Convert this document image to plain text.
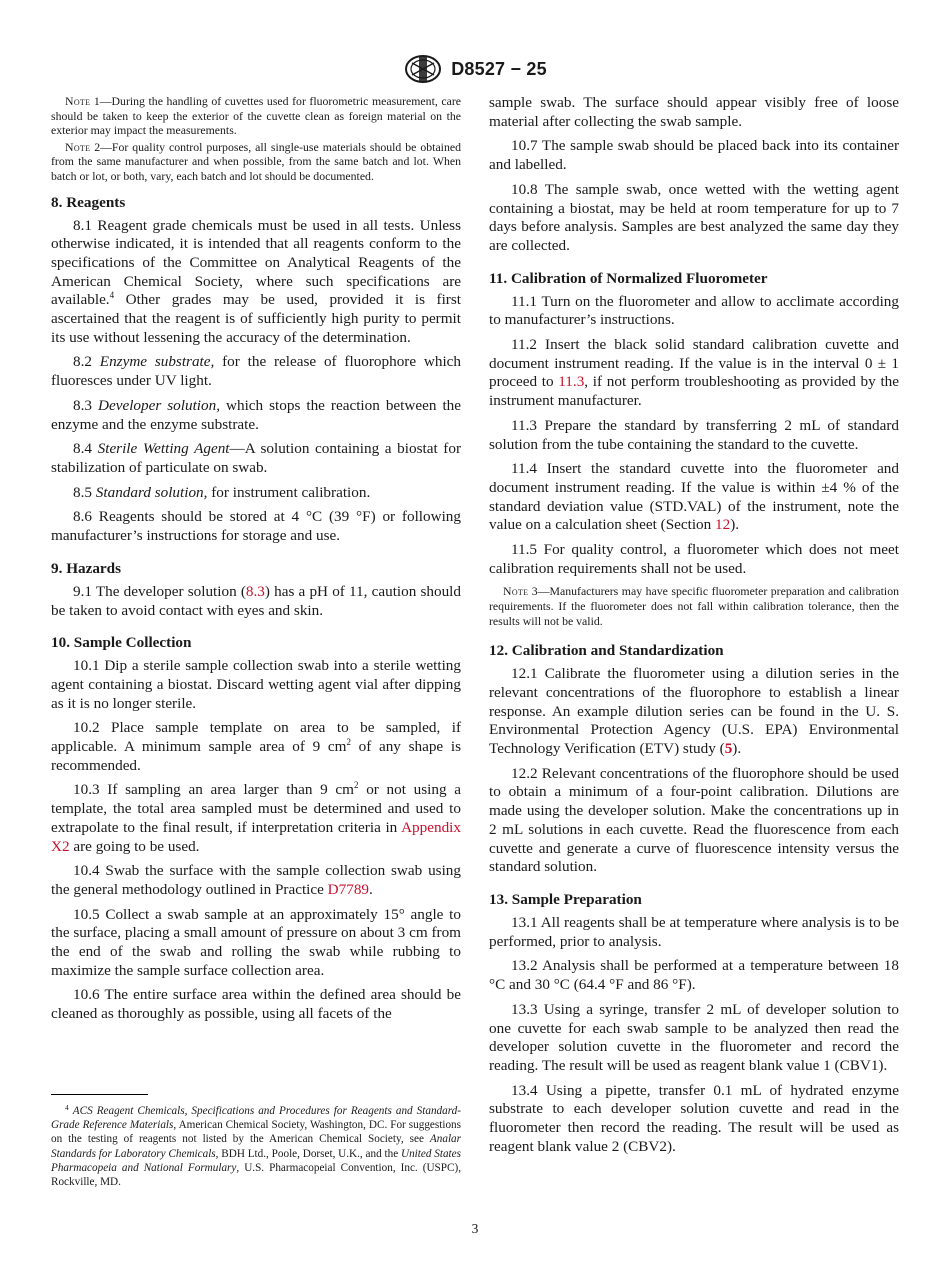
D8527 − 25
Note 1—During the handling of cuvettes used for fluorometric measurement, care should be taken to keep the exterior of the cuvette clean as foreign material on the exterior may impact the measurements.
Note 2—For quality control purposes, all single-use materials should be obtained from the same manufacturer and when possible, from the same batch and lot. When batch or lot, or both, vary, each batch and lot should be documented.
8. Reagents

8.1 Reagent grade chemicals must be used in all tests. Unless otherwise indicated, it is intended that all reagents conform to the specifications of the Committee on Analytical Reagents of the American Chemical Society, where such specifications are available.$^4$ Other grades may be used, provided it is first ascertained that the reagent is of sufficiently high purity to permit its use without lessening the accuracy of the determination.

8.2 Enzyme substrate, for the release of fluorophore which fluoresces under UV light.

8.3 Developer solution, which stops the reaction between the enzyme and the enzyme substrate.

8.4 Sterile Wetting Agent—A solution containing a biostat for stabilization of particulate on swab.

8.5 Standard solution, for instrument calibration.

8.6 Reagents should be stored at 4 °C (39 °F) or following manufacturer’s instructions for storage and use.

9. Hazards

9.1 The developer solution (8.3) has a pH of 11, caution should be taken to avoid contact with eyes and skin.

10. Sample Collection

10.1 Dip a sterile sample collection swab into a sterile wetting agent containing a biostat. Discard wetting agent vial after dipping as it is no longer sterile.

10.2 Place sample template on area to be sampled, if applicable. A minimum sample area of 9 $cm^2$ of any shape is recommended.

10.3 If sampling an area larger than 9 $cm^2$ or not using a template, the total area sampled must be determined and used to extrapolate to the final result, if interpretation criteria in Appendix X2 are going to be used.

10.4 Swab the surface with the sample collection swab using the general methodology outlined in Practice D7789.

10.5 Collect a swab sample at an approximately 15° angle to the surface, placing a small amount of pressure on about 3 cm from the end of the swab and rolling the swab while rubbing to maximize the sample surface collection area.

10.6 The entire surface area within the defined area should be cleaned as thoroughly as possible, using all facets of the

$^4$ ACS Reagent Chemicals, Specifications and Procedures for Reagents and Standard-Grade Reference Materials, American Chemical Society, Washington, DC. For suggestions on the testing of reagents not listed by the American Chemical Society, see Analar Standards for Laboratory Chemicals, BDH Ltd., Poole, Dorset, U.K., and the United States Pharmacopeia and National Formulary, U.S. Pharmacopeial Convention, Inc. (USPC), Rockville, MD.

sample swab. The surface should appear visibly free of loose material after collecting the swab sample.

10.7 The sample swab should be placed back into its container and labelled.

10.8 The sample swab, once wetted with the wetting agent containing a biostat, may be held at room temperature for up to 7 days before analysis. Samples are best analyzed the same day they are collected.

11. Calibration of Normalized Fluorometer

11.1 Turn on the fluorometer and allow to acclimate according to manufacturer’s instructions.

11.2 Insert the black solid standard calibration cuvette and document instrument reading. If the value is in the interval 0 ± 1 proceed to 11.3, if not perform troubleshooting as provided by the instrument manufacturer.

11.3 Prepare the standard by transferring 2 mL of standard solution from the tube containing the standard to the cuvette.

11.4 Insert the standard cuvette into the fluorometer and document instrument reading. If the value is within ±4 % of the standard deviation value (STD.VAL) of the instrument, note the value on a calculation sheet (Section 12).

11.5 For quality control, a fluorometer which does not meet calibration requirements shall not be used.

Note 3—Manufacturers may have specific fluorometer preparation and calibration requirements. If the fluorometer does not fall within calibration tolerance, then the results will not be valid.
12. Calibration and Standardization

12.1 Calibrate the fluorometer using a dilution series in the relevant concentrations of the fluorophore to establish a linear response. An example dilution series can be found in the U. S. Environmental Protection Agency (U.S. EPA) Environmental Technology Verification (ETV) study (5).

12.2 Relevant concentrations of the fluorophore should be used to obtain a minimum of a four-point calibration. Dilutions are made using the developer solution. Make the concentrations up in 2 mL solutions in each cuvette. Read the fluorescence from each cuvette and generate a curve of fluorescence intensity versus the standard solution.

13. Sample Preparation

13.1 All reagents shall be at temperature where analysis is to be performed, prior to analysis.

13.2 Analysis shall be performed at a temperature between 18 °C and 30 °C (64.4 °F and 86 °F).

13.3 Using a syringe, transfer 2 mL of developer solution to one cuvette for each swab sample to be analyzed then read the developer solution cuvette in the fluorometer and record the reading. The result will be used as reagent blank value 1 (CBV1).

13.4 Using a pipette, transfer 0.1 mL of hydrated enzyme substrate to each developer solution cuvette and read in the fluorometer then record the reading. The result will be used as reagent blank value 2 (CBV2).

3
